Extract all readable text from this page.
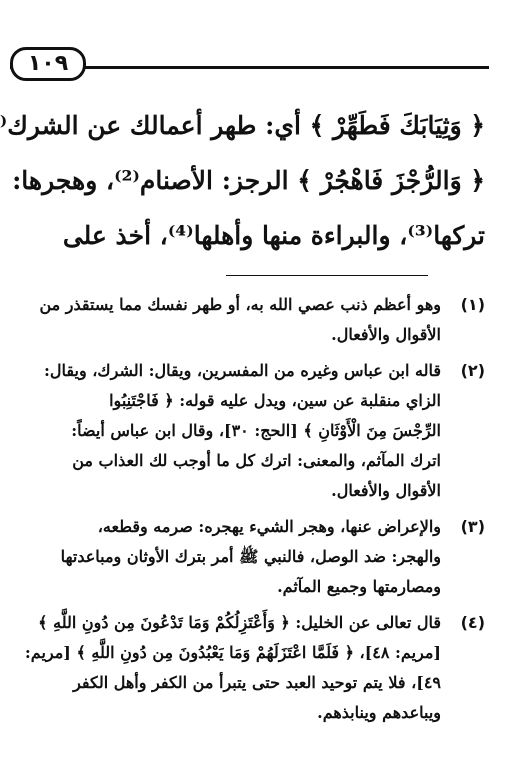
١٠٩
﴿ وَثِيَابَكَ فَطَهِّرْ ﴾ أي: طهر أعمالك عن الشرك⁽
﴿ وَالرُّجْزَ فَاهْجُرْ ﴾ الرجز: الأصنام⁽²⁾، وهجرها:
تركها⁽³⁾، والبراءة منها وأهلها⁽⁴⁾، أخذ على
(١)
وهو أعظم ذنب عصي الله به، أو طهر نفسك مما يستقذر من
الأقوال والأفعال.
(٢)
قاله ابن عباس وغيره من المفسرين، ويقال: الشرك، ويقال:
الزاي منقلبة عن سين، ويدل عليه قوله: ﴿ فَاجْتَنِبُوا
الرِّجْسَ مِنَ الْأَوْثَانِ ﴾ [الحج: ٣٠]، وقال ابن عباس أيضاً:
اترك المآثم، والمعنى: اترك كل ما أوجب لك العذاب من
الأقوال والأفعال.
(٣)
والإعراض عنها، وهجر الشيء يهجره: صرمه وقطعه،
والهجر: ضد الوصل، فالنبي ﷺ أمر بترك الأوثان ومباعدتها
ومصارمتها وجميع المآثم.
(٤)
قال تعالى عن الخليل: ﴿ وَأَعْتَزِلُكُمْ وَمَا تَدْعُونَ مِن دُونِ اللَّهِ ﴾
[مريم: ٤٨]، ﴿ فَلَمَّا اعْتَزَلَهُمْ وَمَا يَعْبُدُونَ مِن دُونِ اللَّهِ ﴾ [مريم:
٤٩]، فلا يتم توحيد العبد حتى يتبرأ من الكفر وأهل الكفر
ويباعدهم وينابذهم.
